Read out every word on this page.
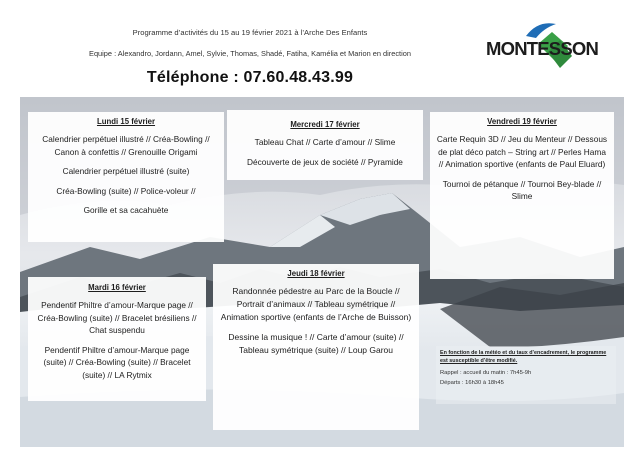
Programme d’activités du 15 au 19 février 2021 à l’Arche Des Enfants
Equipe : Alexandro, Jordann, Amel, Sylvie, Thomas, Shadé, Fatiha, Kamélia et Marion en direction
Téléphone : 07.60.48.43.99
MONTESSON
Lundi 15 février

Calendrier perpétuel illustré // Créa-Bowling // Canon à confettis // Grenouille Origami

Calendrier perpétuel illustré (suite)

Créa-Bowling (suite) // Police-voleur //

Gorille et sa cacahuète

Mercredi 17 février

Tableau Chat // Carte d’amour // Slime

Découverte de jeux de société // Pyramide

Vendredi 19 février

Carte Requin 3D // Jeu du Menteur // Dessous de plat déco patch – String art // Perles Hama // Animation sportive (enfants de Paul Eluard)

Tournoi de pétanque // Tournoi Bey-blade // Slime

Mardi 16 février

Pendentif Philtre d’amour-Marque page // Créa-Bowling (suite) // Bracelet brésiliens // Chat suspendu

Pendentif Philtre d’amour-Marque page (suite) // Créa-Bowling (suite) // Bracelet (suite) // LA Rytmix

Jeudi 18 février

Randonnée pédestre au Parc de la Boucle // Portrait d’animaux // Tableau symétrique // Animation sportive (enfants de l’Arche de Buisson)

Dessine la musique ! // Carte d’amour (suite) // Tableau symétrique (suite) // Loup Garou	En fonction de la météo et du taux d’encadrement, le programme est susceptible d’être modifié.
Rappel : accueil du matin : 7h45-9h
Départs : 16h30 à 18h45
